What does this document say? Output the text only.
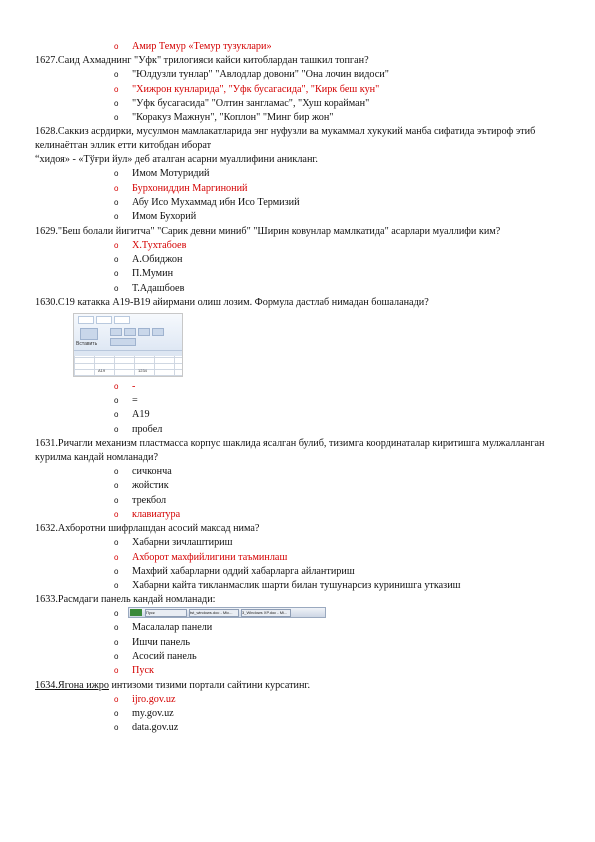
o Амир Темур «Темур тузуклари»
1627.Саид Ахмаднинг "Уфк" трилогияси кайси китоблардан ташкил топган?
o "Юлдузли тунлар" "Авлодлар довони" "Она лочин видоси"
o "Хижрон кунларида", "Уфк бусагасида", "Кирк беш кун"
o "Уфк бусагасида" "Олтин зангламас", "Хуш корайман"
o "Коракуз Мажнун", "Коплон" "Минг бир жон"
1628.Саккиз асрдирки, мусулмон мамлакатларида энг нуфузли ва мукаммал хукукий манба сифатида эътироф этиб келинаётган эллик етти китобдан иборат
“хидоя» - «Тўғри йул» деб аталган асарни муаллифини аникланг.
o Имом Мотуридий
o Бурхониддин Маргиноний
o Абу Исо Мухаммад ибн Исо Термизий
o Имом Бухорий
1629."Беш болали йигитча" "Сарик девни миниб" "Ширин ковунлар мамлкатида" асарлари муаллифи ким?
o Х.Тухтабоев
o А.Обиджон
o П.Мумин
o Т.Адашбоев
1630.С19 катакка А19-В19 айирмани олиш лозим. Формула дастлаб нимадан бошаланади?
Вставить
A19	1234
o -
o =
o A19
o пробел
1631.Ричагли механизм пластмасса корпус шаклида ясалган булиб, тизимга координаталар киритишга мулжалланган курилма кандай номланади?
o сичконча
o жойстик
o трекбол
o клавиатура
1632.Ахборотни шифрлашдан асосий максад нима?
o Хабарни зичлаштириш
o Ахборот махфийлигини таъминлаш
o Махфий хабарларни оддий хабарларга айлантириш
o Хабарни кайта тикланмаслик шарти билан тушунарсиз куринишга утказиш
1633.Расмдаги панель кандай номланади:
o	Пуск	tst_windows.doc - Mic...	3_Windows XP.doc - Mi...
o Масалалар панели
o Ишчи панель
o Асосий панель
o Пуск
1634.Ягона ижро интизоми тизими портали сайтини курсатинг.
o ijro.gov.uz
o my.gov.uz
o data.gov.uz
